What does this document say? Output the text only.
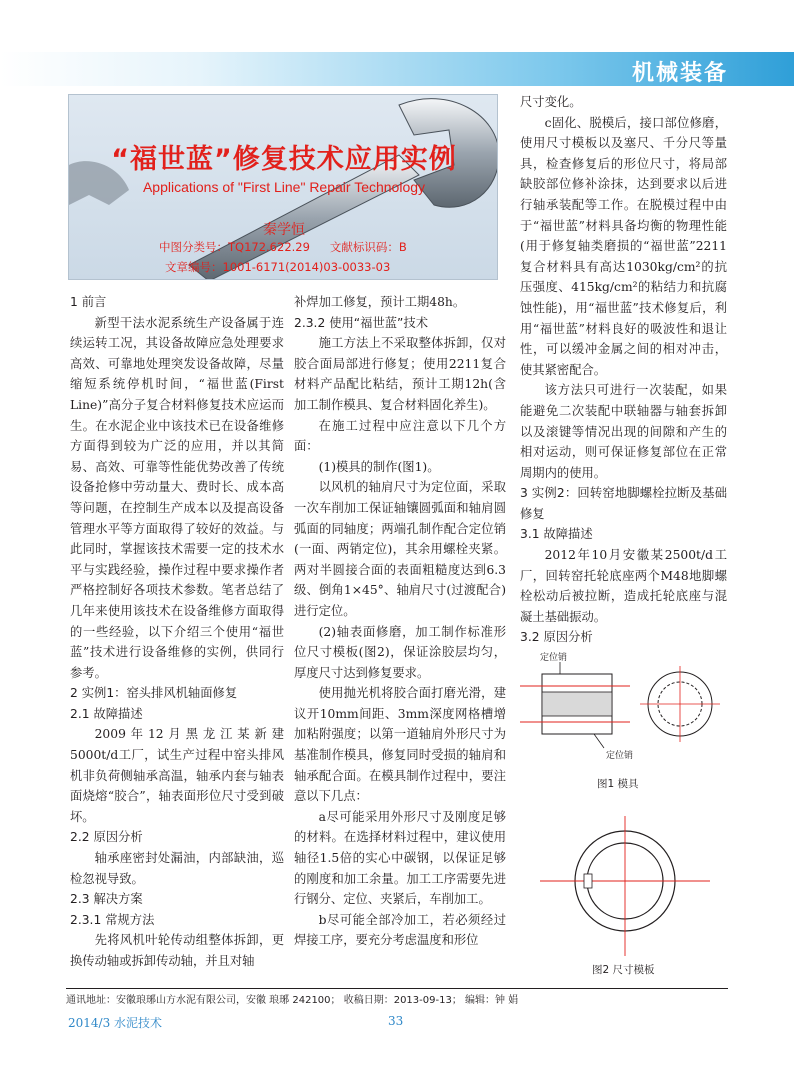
机械装备
“福世蓝”修复技术应用实例
Applications of "First Line" Repair Technology
秦学恒
中图分类号：TQ172.622.29 文献标识码：B
文章编号：1001-6171(2014)03-0033-03

1 前言

新型干法水泥系统生产设备属于连续运转工况，其设备故障应急处理要求高效、可靠地处理突发设备故障，尽量缩短系统停机时间，“福世蓝(First Line)”高分子复合材料修复技术应运而生。在水泥企业中该技术已在设备维修方面得到较为广泛的应用，并以其简易、高效、可靠等性能优势改善了传统设备抢修中劳动量大、费时长、成本高等问题，在控制生产成本以及提高设备管理水平等方面取得了较好的效益。与此同时，掌握该技术需要一定的技术水平与实践经验，操作过程中要求操作者严格控制好各项技术参数。笔者总结了几年来使用该技术在设备维修方面取得的一些经验，以下介绍三个使用“福世蓝”技术进行设备维修的实例，供同行参考。

2 实例1：窑头排风机轴面修复

2.1 故障描述

2009年12月黑龙江某新建5000t/d工厂，试生产过程中窑头排风机非负荷侧轴承高温，轴承内套与轴表面烧熔“胶合”，轴表面形位尺寸受到破坏。

2.2 原因分析

轴承座密封处漏油，内部缺油，巡检忽视导致。

2.3 解决方案

2.3.1 常规方法

先将风机叶轮传动组整体拆卸，更换传动轴或拆卸传动轴，并且对轴

补焊加工修复，预计工期48h。

2.3.2 使用“福世蓝”技术

施工方法上不采取整体拆卸，仅对胶合面局部进行修复；使用2211复合材料产品配比粘结，预计工期12h(含加工制作模具、复合材料固化养生)。

在施工过程中应注意以下几个方面：

(1)模具的制作(图1)。

以风机的轴肩尺寸为定位面，采取一次车削加工保证轴镶圆弧面和轴肩圆弧面的同轴度；两端孔制作配合定位销(一面、两销定位)，其余用螺栓夹紧。两对半圆接合面的表面粗糙度达到6.3级、倒角1×45°、轴肩尺寸(过渡配合)进行定位。

(2)轴表面修磨，加工制作标准形位尺寸模板(图2)，保证涂胶层均匀，厚度尺寸达到修复要求。

使用抛光机将胶合面打磨光滑，建议开10mm间距、3mm深度网格槽增加粘附强度；以第一道轴肩外形尺寸为基准制作模具，修复同时受损的轴肩和轴承配合面。在模具制作过程中，要注意以下几点：

a尽可能采用外形尺寸及刚度足够的材料。在选择材料过程中，建议使用轴径1.5倍的实心中碳钢，以保证足够的刚度和加工余量。加工工序需要先进行钢分、定位、夹紧后，车削加工。

b尽可能全部冷加工，若必须经过焊接工序，要充分考虑温度和形位

尺寸变化。

c固化、脱模后，接口部位修磨，使用尺寸模板以及塞尺、千分尺等量具，检查修复后的形位尺寸，将局部缺胶部位修补涂抹，达到要求以后进行轴承装配等工作。在脱模过程中由于“福世蓝”材料具备均衡的物理性能(用于修复轴类磨损的“福世蓝”2211复合材料具有高达1030kg/cm²的抗压强度、415kg/cm²的粘结力和抗腐蚀性能)，用“福世蓝”技术修复后，利用“福世蓝”材料良好的吸波性和退让性，可以缓冲金属之间的相对冲击，使其紧密配合。

该方法只可进行一次装配，如果能避免二次装配中联轴器与轴套拆卸以及滚键等情况出现的间隙和产生的相对运动，则可保证修复部位在正常周期内的使用。

3 实例2：回转窑地脚螺栓拉断及基础修复

3.1 故障描述

2012年10月安徽某2500t/d工厂，回转窑托轮底座两个M48地脚螺栓松动后被拉断，造成托轮底座与混凝土基础振动。

3.2 原因分析

定位销
定位销
图1 模具
图2 尺寸模板
通讯地址：安徽琅琊山方水泥有限公司，安徽 琅琊 242100； 收稿日期：2013-09-13； 编辑：钟 娟
2014/3 水泥技术	33
